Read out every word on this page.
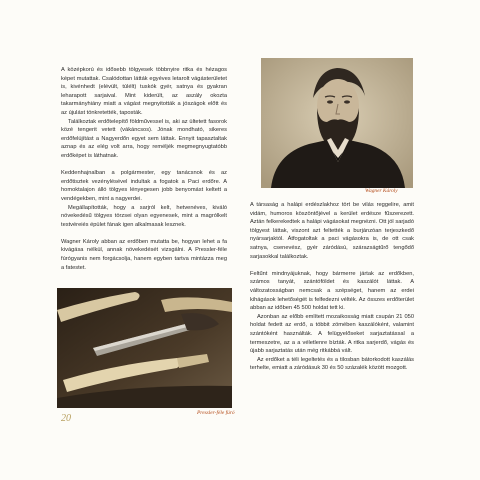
A középkorú és idősebb tölgyesek többnyire ritka és hézagos képet mutattak. Csalódottan látták egyéves letarolt vágásterületet is, kivénhedt (elévült, túlélt) tuskók gyér, satnya és gyakran leharapott sarjaival. Mint kiderült, az aszály okozta takarmányhiány miatt a vágást megnyitották a jószágok előtt és az újulást tönkretették, taposták.

Találkoztak erdőtelepítő földművessel is, aki az ültetett fasorok közé tengerit vetett (vákáncsos). Jónak mondható, sikeres erdőfelújítást a Nagyerdőn egyet sem láttak. Ennyit tapasztaltak aznap és az elég volt arra, hogy reméljék megmegnyugtatóbb erdőképet is láthatnak.

Keddenhajnalban a polgármester, egy tanácsnok és az erdőtisztek vezénylésével indultak a fogatok a Paci erdőre. A homoktalajon álló tölgyes lényegesen jobb benyomást keltett a vendégekben, mint a nagyerdei.

Megállapították, hogy a sarjról kelt, hetvenéves, kiváló növekedésű tölgyes törzsei olyan egyenesek, mint a magrólkelt testvéreiés épület fának igen alkalmasak lesznek.

Wagner Károly abban az erdőben mutatta be, hogyan lehet a fa kivágása nélkül, annak növekedését vizsgálni. A Pressler-féle fúrógyanis nem forgácsolja, hanem egyben tartva mintázza meg a fatestet.

Wagner Károly

A társaság a halápi erdészlakhoz tört be vilás reggelire, amit vidám, humoros köszöntőjével a kerület erdésze fűszerezett. Aztán felkerekedtek a halápi vágásokat megnézni. Ott jól sarjadó tölgyest láttak, viszont azt feltették a burjánzóan terjeszkedő nyársarjaktól. Átfogatoltak a paci vágásokra is, de ott csak satnya, csenevész, gyér záródású, szárazságtűrő tengődő sarjasokkal találkoztak.

Feltűnt mindnyájuknak, hogy bármerre jártak az erdőkben, számos tanyát, szántóföldet és kaszálót láttak. A változatosságban nemcsak a szépséget, hanem az erdei kihágások lehetőségét is felfedezni vélték. Az összes erdőterület abban az időben 45 500 holdat tett ki.

Azonban az előbb említett mozaikosság miatt csupán 21 050 holdat fedett az erdő, a többit zömében kaszálóként, valamint szántóként használták. A felügyelőseket sarjaztatással a termeszetre, az a a véletlenre bízták. A ritka sarjerdő, vágás és újabb sarjaztatás után még ritkábbá vált.

Az erdőket a téli legeltetés és a tilosban bátorkodott kaszálás terhelte, emiatt a záródásuk 30 és 50 százalék között mozgott.

Pressler-féle fúró
20
